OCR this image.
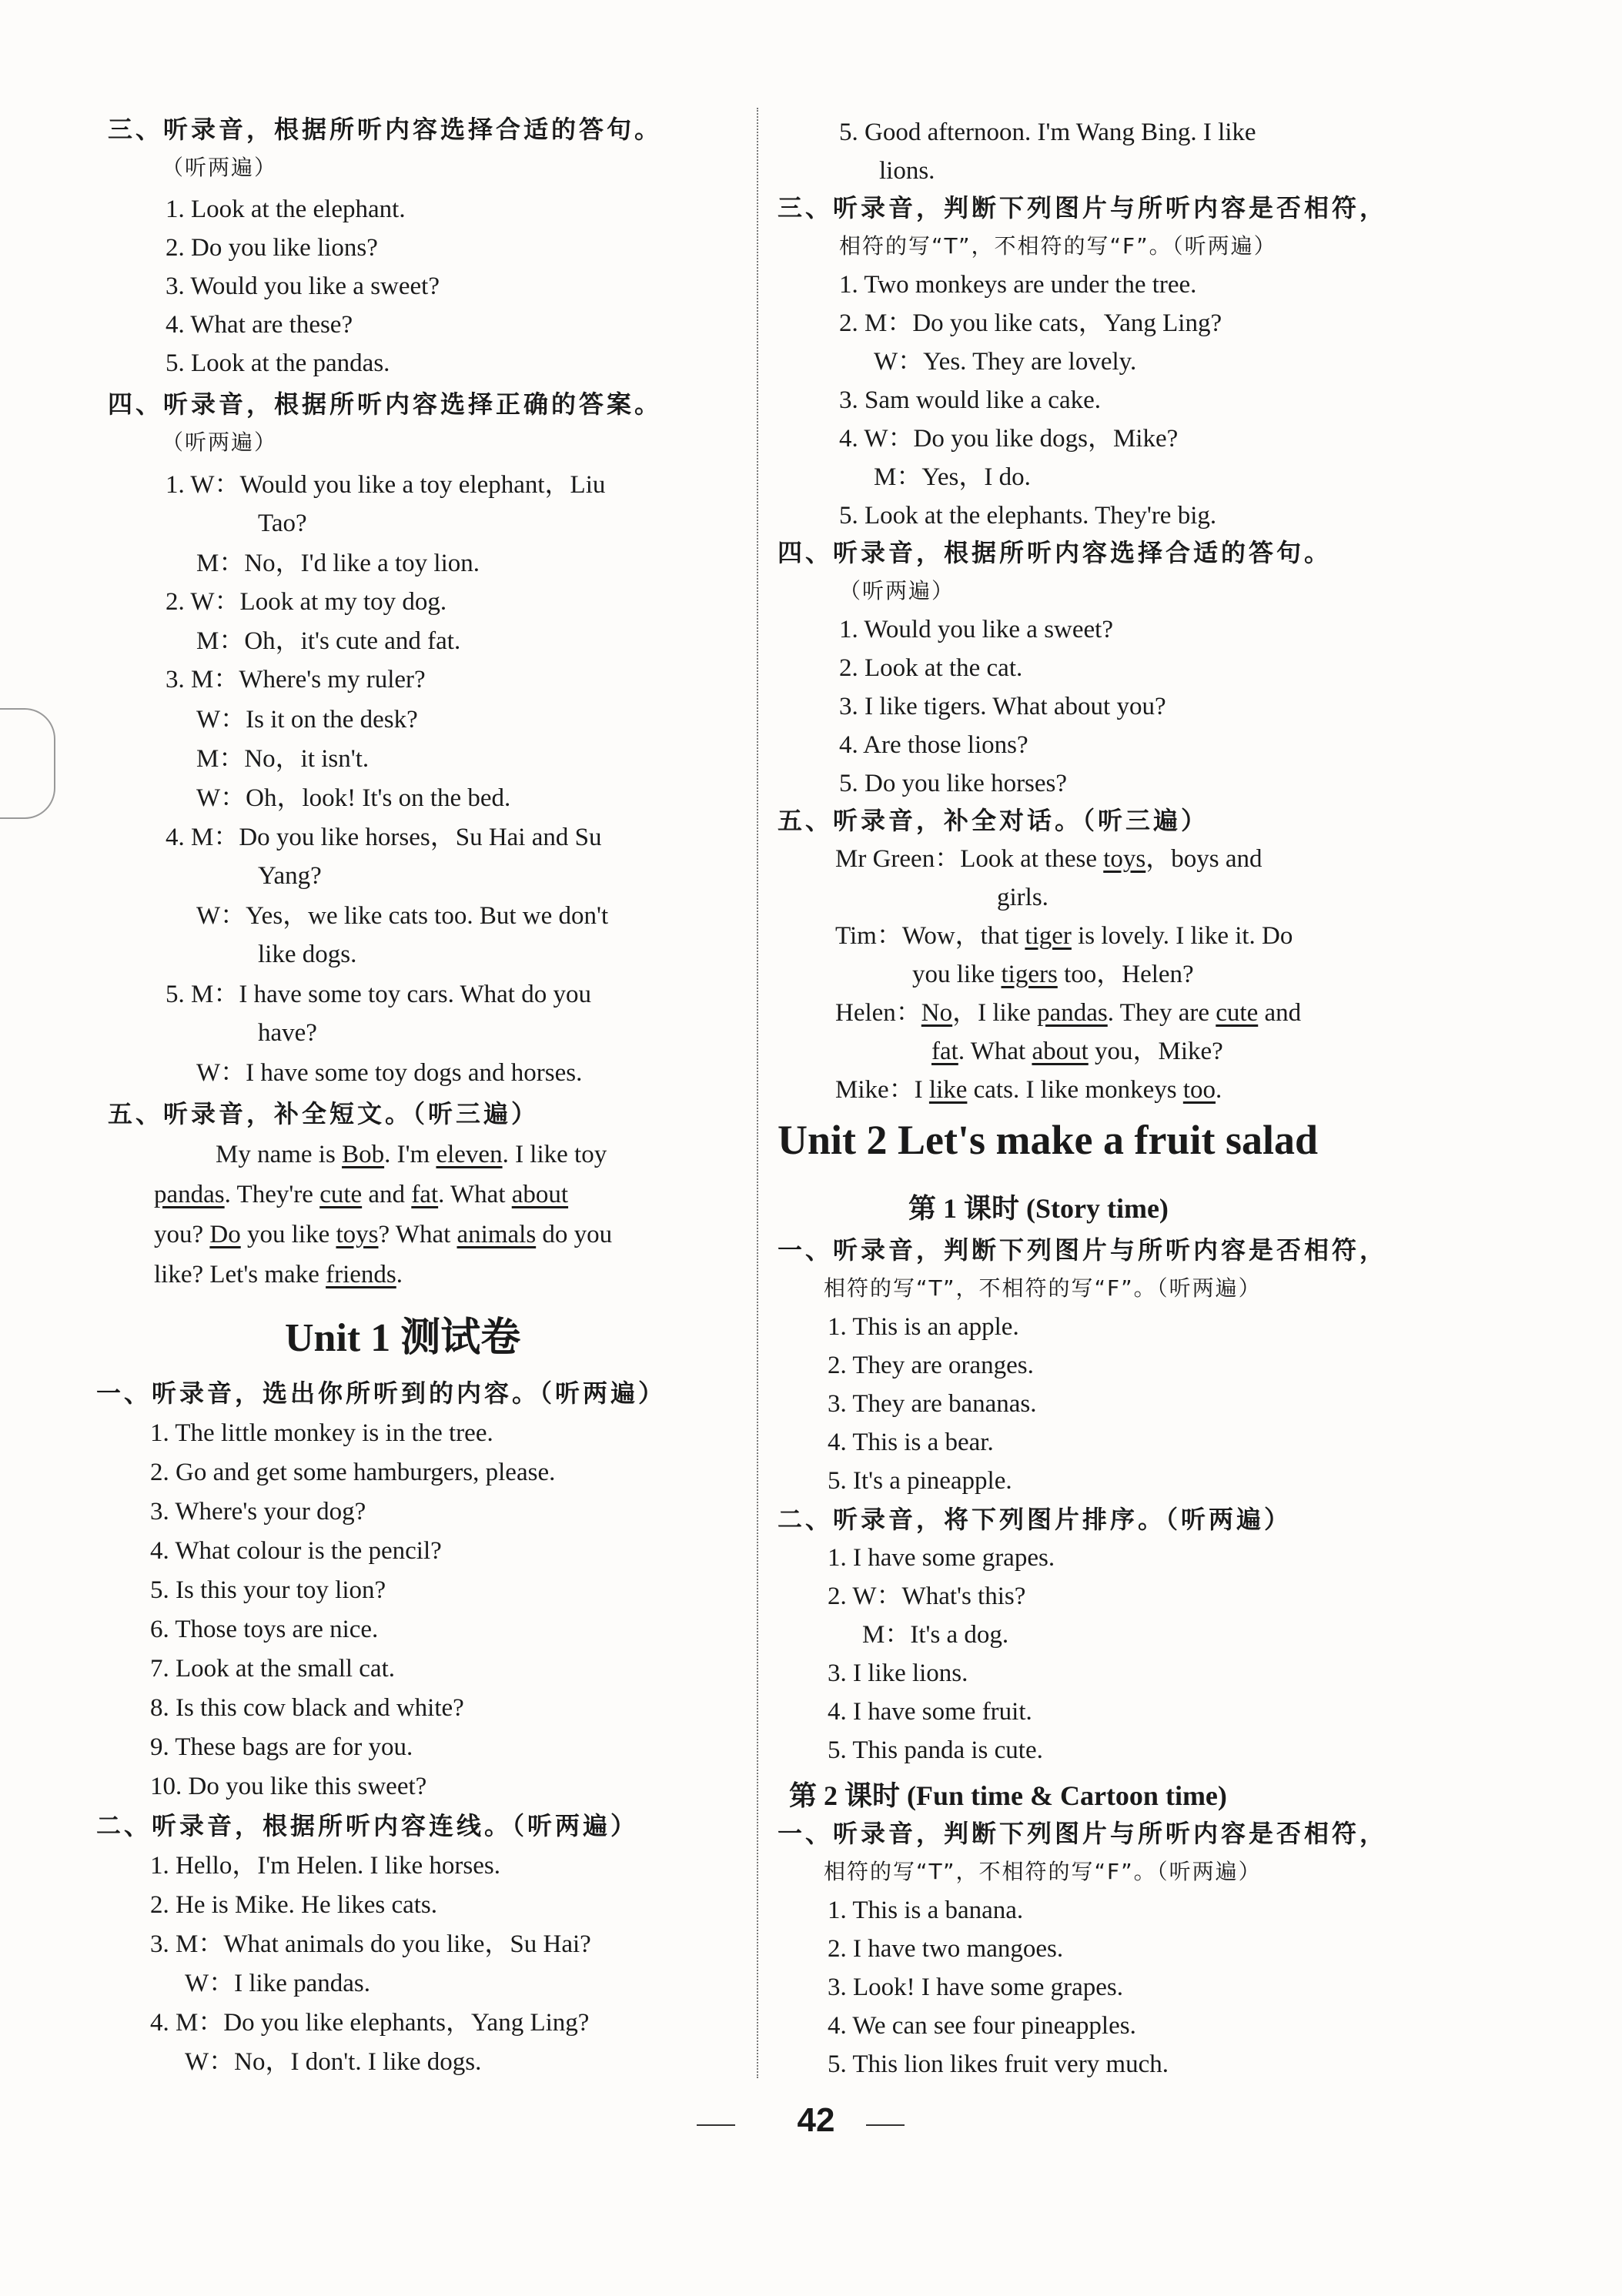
三、听录音，根据所听内容选择合适的答句。
（听两遍）
1. Look at the elephant.
2. Do you like lions?
3. Would you like a sweet?
4. What are these?
5. Look at the pandas.
四、听录音，根据所听内容选择正确的答案。
（听两遍）
1. W：Would you like a toy elephant，Liu
Tao?
M：No，I'd like a toy lion.
2. W：Look at my toy dog.
M：Oh，it's cute and fat.
3. M：Where's my ruler?
W：Is it on the desk?
M：No，it isn't.
W：Oh，look! It's on the bed.
4. M：Do you like horses，Su Hai and Su
Yang?
W：Yes，we like cats too. But we don't
like dogs.
5. M：I have some toy cars. What do you
have?
W：I have some toy dogs and horses.
五、听录音，补全短文。（听三遍）
My name is Bob. I'm eleven. I like toy
pandas. They're cute and fat. What about
you? Do you like toys? What animals do you
like? Let's make friends.
Unit 1 测试卷
一、听录音，选出你所听到的内容。（听两遍）
1. The little monkey is in the tree.
2. Go and get some hamburgers, please.
3. Where's your dog?
4. What colour is the pencil?
5. Is this your toy lion?
6. Those toys are nice.
7. Look at the small cat.
8. Is this cow black and white?
9. These bags are for you.
10. Do you like this sweet?
二、听录音，根据所听内容连线。（听两遍）
1. Hello，I'm Helen. I like horses.
2. He is Mike. He likes cats.
3. M：What animals do you like，Su Hai?
W：I like pandas.
4. M：Do you like elephants，Yang Ling?
W：No，I don't. I like dogs.
5. Good afternoon. I'm Wang Bing. I like
lions.
三、听录音，判断下列图片与所听内容是否相符，
相符的写“T”，不相符的写“F”。（听两遍）
1. Two monkeys are under the tree.
2. M：Do you like cats，Yang Ling?
W：Yes. They are lovely.
3. Sam would like a cake.
4. W：Do you like dogs，Mike?
M：Yes，I do.
5. Look at the elephants. They're big.
四、听录音，根据所听内容选择合适的答句。
（听两遍）
1. Would you like a sweet?
2. Look at the cat.
3. I like tigers. What about you?
4. Are those lions?
5. Do you like horses?
五、听录音，补全对话。（听三遍）
Mr Green：Look at these toys，boys and
girls.
Tim：Wow，that tiger is lovely. I like it. Do
you like tigers too，Helen?
Helen：No，I like pandas. They are cute and
fat. What about you，Mike?
Mike：I like cats. I like monkeys too.
Unit 2 Let's make a fruit salad
第 1 课时 (Story time)
一、听录音，判断下列图片与所听内容是否相符，
相符的写“T”，不相符的写“F”。（听两遍）
1. This is an apple.
2. They are oranges.
3. They are bananas.
4. This is a bear.
5. It's a pineapple.
二、听录音，将下列图片排序。（听两遍）
1. I have some grapes.
2. W：What's this?
M：It's a dog.
3. I like lions.
4. I have some fruit.
5. This panda is cute.
第 2 课时 (Fun time & Cartoon time)
一、听录音，判断下列图片与所听内容是否相符，
相符的写“T”，不相符的写“F”。（听两遍）
1. This is a banana.
2. I have two mangoes.
3. Look! I have some grapes.
4. We can see four pineapples.
5. This lion likes fruit very much.
42
